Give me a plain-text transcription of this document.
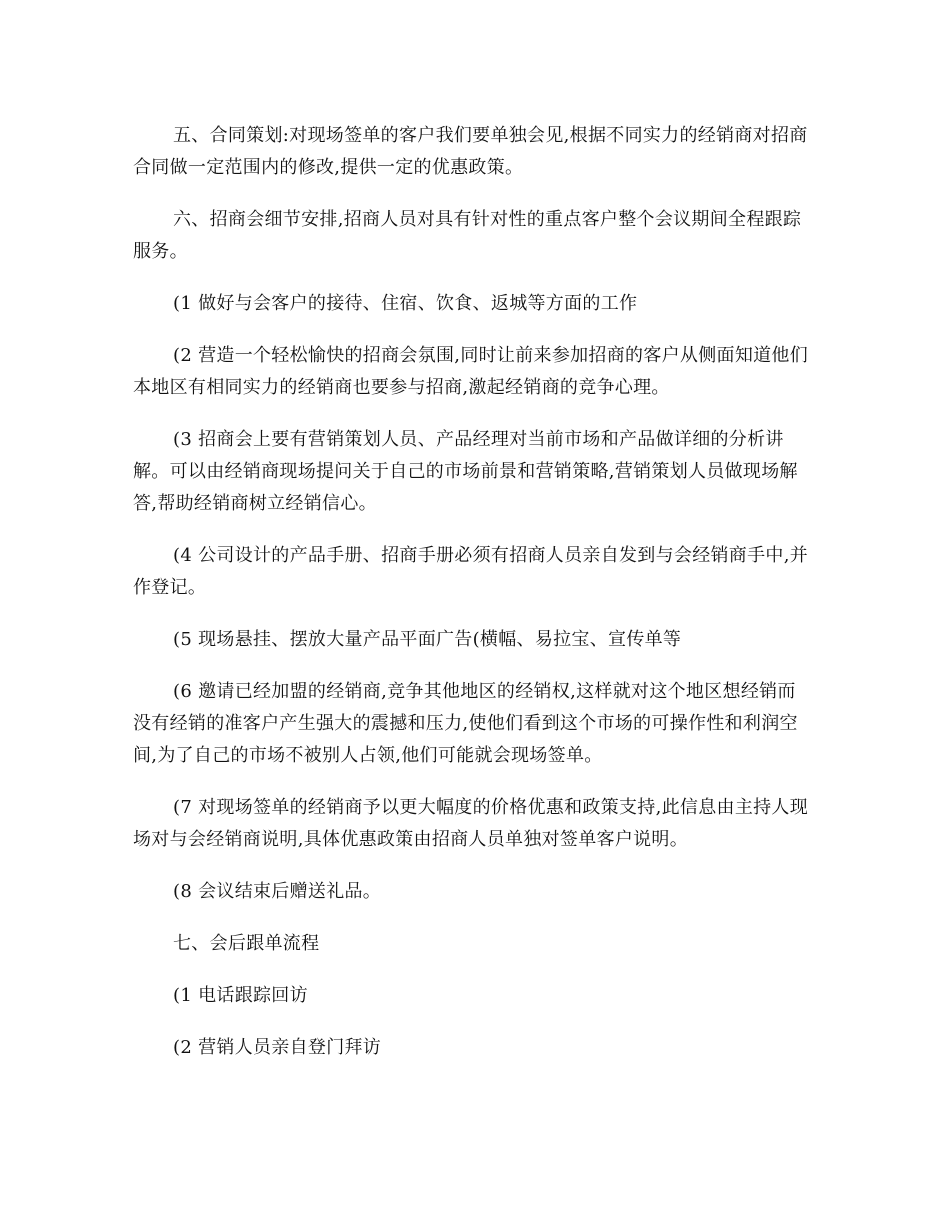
五、合同策划:对现场签单的客户我们要单独会见,根据不同实力的经销商对招商合同做一定范围内的修改,提供一定的优惠政策。

六、招商会细节安排,招商人员对具有针对性的重点客户整个会议期间全程跟踪服务。

(1 做好与会客户的接待、住宿、饮食、返城等方面的工作

(2 营造一个轻松愉快的招商会氛围,同时让前来参加招商的客户从侧面知道他们本地区有相同实力的经销商也要参与招商,激起经销商的竞争心理。

(3 招商会上要有营销策划人员、产品经理对当前市场和产品做详细的分析讲解。可以由经销商现场提问关于自己的市场前景和营销策略,营销策划人员做现场解答,帮助经销商树立经销信心。

(4 公司设计的产品手册、招商手册必须有招商人员亲自发到与会经销商手中,并作登记。

(5 现场悬挂、摆放大量产品平面广告(横幅、易拉宝、宣传单等

(6 邀请已经加盟的经销商,竞争其他地区的经销权,这样就对这个地区想经销而没有经销的准客户产生强大的震撼和压力,使他们看到这个市场的可操作性和利润空间,为了自己的市场不被别人占领,他们可能就会现场签单。

(7 对现场签单的经销商予以更大幅度的价格优惠和政策支持,此信息由主持人现场对与会经销商说明,具体优惠政策由招商人员单独对签单客户说明。

(8 会议结束后赠送礼品。

七、会后跟单流程

(1 电话跟踪回访

(2 营销人员亲自登门拜访
